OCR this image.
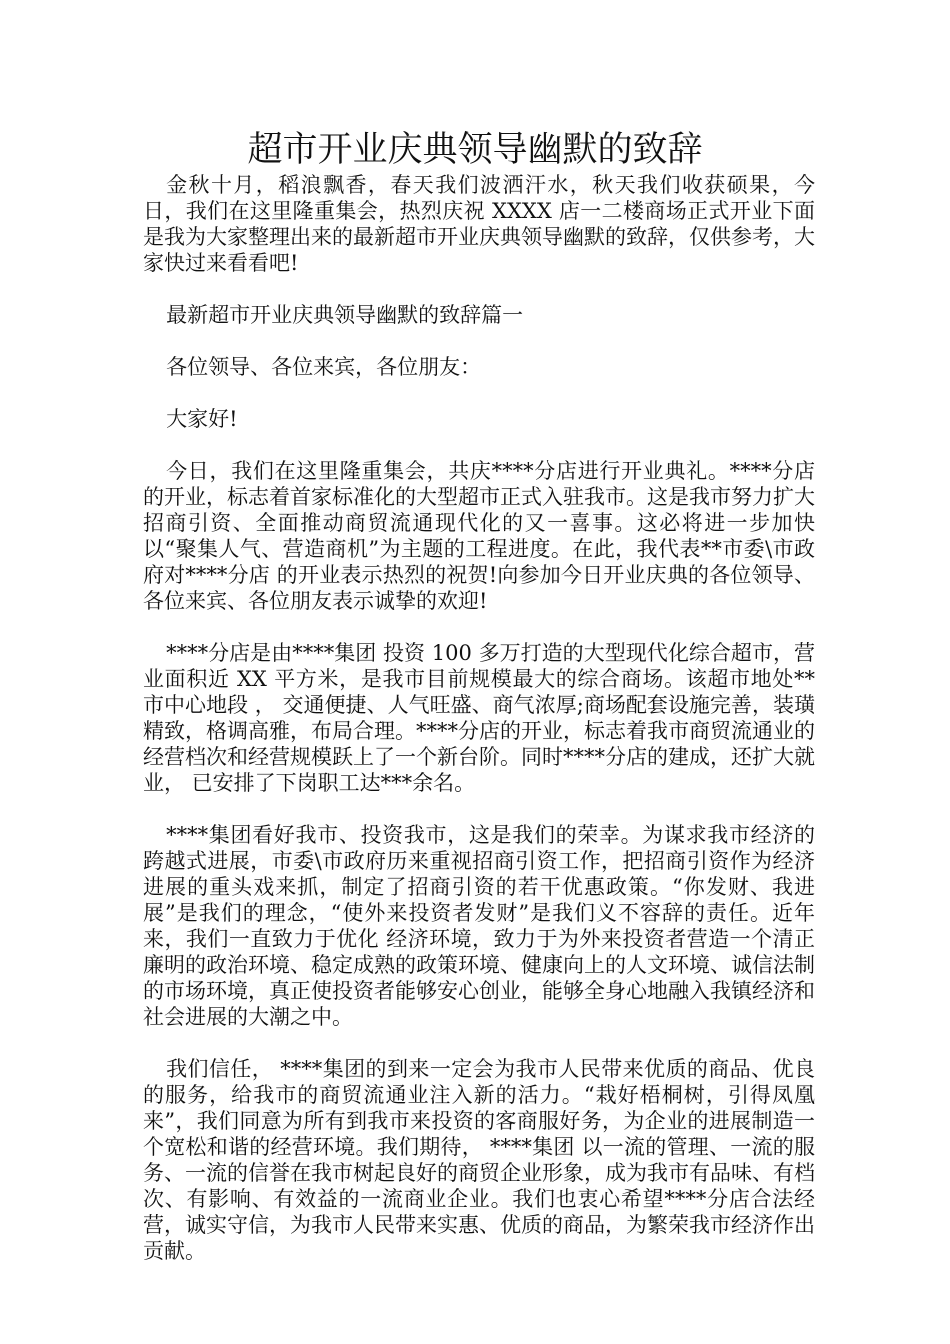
超市开业庆典领导幽默的致辞

金秋十月，稻浪飘香，春天我们波洒汗水，秋天我们收获硕果，今日，我们在这里隆重集会，热烈庆祝 XXXX 店一二楼商场正式开业下面是我为大家整理出来的最新超市开业庆典领导幽默的致辞，仅供参考，大家快过来看看吧!

最新超市开业庆典领导幽默的致辞篇一

各位领导、各位来宾，各位朋友：

大家好!

今日，我们在这里隆重集会，共庆****分店进行开业典礼。****分店的开业，标志着首家标准化的大型超市正式入驻我市。这是我市努力扩大招商引资、全面推动商贸流通现代化的又一喜事。这必将进一步加快以“聚集人气、营造商机”为主题的工程进度。在此，我代表**市委\市政府对****分店 的开业表示热烈的祝贺!向参加今日开业庆典的各位领导、各位来宾、各位朋友表示诚挚的欢迎!

****分店是由****集团 投资 100 多万打造的大型现代化综合超市，营业面积近 XX 平方米，是我市目前规模最大的综合商场。该超市地处**市中心地段 ， 交通便捷、人气旺盛、商气浓厚;商场配套设施完善，装璜精致，格调高雅，布局合理。****分店的开业，标志着我市商贸流通业的经营档次和经营规模跃上了一个新台阶。同时****分店的建成，还扩大就业， 已安排了下岗职工达***余名。

****集团看好我市、投资我市，这是我们的荣幸。为谋求我市经济的跨越式进展，市委\市政府历来重视招商引资工作，把招商引资作为经济进展的重头戏来抓，制定了招商引资的若干优惠政策。“你发财、我进展”是我们的理念，“使外来投资者发财”是我们义不容辞的责任。近年来，我们一直致力于优化 经济环境，致力于为外来投资者营造一个清正廉明的政治环境、稳定成熟的政策环境、健康向上的人文环境、诚信法制的市场环境，真正使投资者能够安心创业，能够全身心地融入我镇经济和社会进展的大潮之中。

我们信任， ****集团的到来一定会为我市人民带来优质的商品、优良的服务，给我市的商贸流通业注入新的活力。“栽好梧桐树，引得凤凰来”，我们同意为所有到我市来投资的客商服好务，为企业的进展制造一个宽松和谐的经营环境。我们期待， ****集团 以一流的管理、一流的服务、一流的信誉在我市树起良好的商贸企业形象，成为我市有品味、有档次、有影响、有效益的一流商业企业。我们也衷心希望****分店合法经营，诚实守信，为我市人民带来实惠、优质的商品，为繁荣我市经济作出贡献。
